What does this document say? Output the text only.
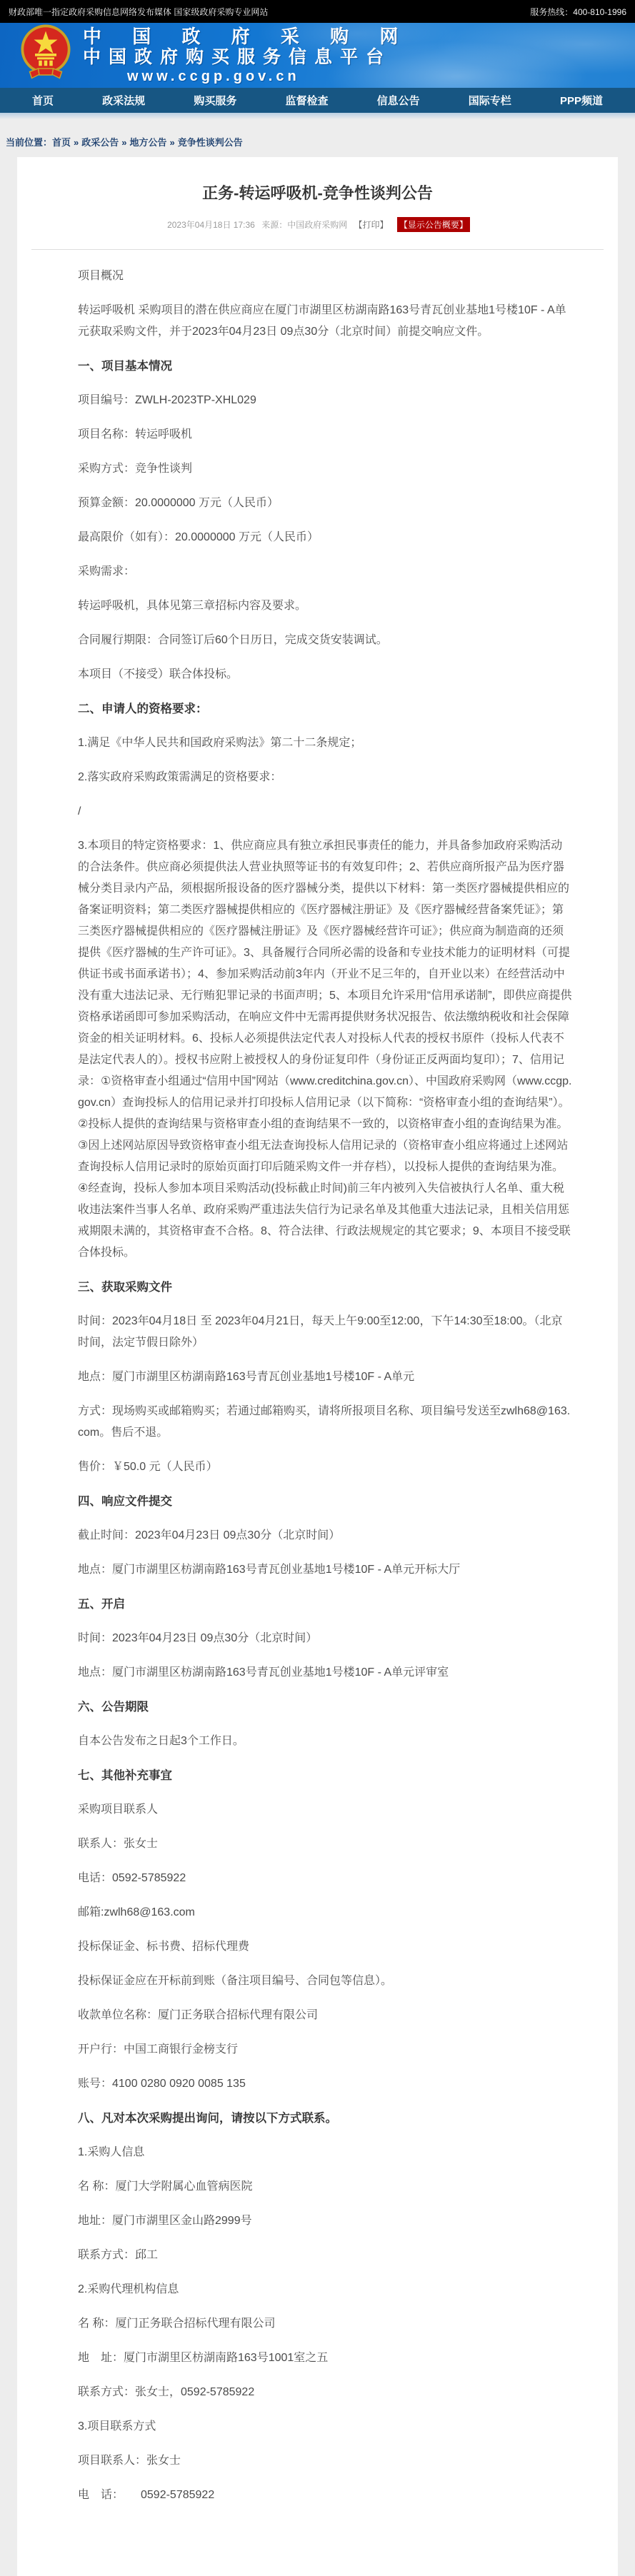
财政部唯一指定政府采购信息网络发布媒体 国家级政府采购专业网站	服务热线：400-810-1996
中 国 政 府 采 购 网
中国政府购买服务信息平台
www.ccgp.gov.cn
首页	政采法规	购买服务	监督检查	信息公告	国际专栏	PPP频道
当前位置：首页 » 政采公告 » 地方公告 » 竞争性谈判公告
正务-转运呼吸机-竞争性谈判公告
2023年04月18日 17:36 来源：中国政府采购网 【打印】 【显示公告概要】

项目概况

转运呼吸机 采购项目的潜在供应商应在厦门市湖里区枋湖南路163号青瓦创业基地1号楼10F - A单元获取采购文件，并于2023年04月23日 09点30分（北京时间）前提交响应文件。

一、项目基本情况

项目编号：ZWLH-2023TP-XHL029

项目名称：转运呼吸机

采购方式：竞争性谈判

预算金额：20.0000000 万元（人民币）

最高限价（如有）：20.0000000 万元（人民币）

采购需求：

转运呼吸机，具体见第三章招标内容及要求。

合同履行期限：合同签订后60个日历日，完成交货安装调试。

本项目（不接受）联合体投标。

二、申请人的资格要求：

1.满足《中华人民共和国政府采购法》第二十二条规定；

2.落实政府采购政策需满足的资格要求：

/

3.本项目的特定资格要求：1、供应商应具有独立承担民事责任的能力，并具备参加政府采购活动的合法条件。供应商必须提供法人营业执照等证书的有效复印件；2、若供应商所报产品为医疗器械分类目录内产品，须根据所报设备的医疗器械分类，提供以下材料：第一类医疗器械提供相应的备案证明资料；第二类医疗器械提供相应的《医疗器械注册证》及《医疗器械经营备案凭证》；第三类医疗器械提供相应的《医疗器械注册证》及《医疗器械经营许可证》；供应商为制造商的还须提供《医疗器械的生产许可证》。3、具备履行合同所必需的设备和专业技术能力的证明材料（可提供证书或书面承诺书）；4、参加采购活动前3年内（开业不足三年的，自开业以来）在经营活动中没有重大违法记录、无行贿犯罪记录的书面声明；5、本项目允许采用“信用承诺制”，即供应商提供资格承诺函即可参加采购活动，在响应文件中无需再提供财务状况报告、依法缴纳税收和社会保障资金的相关证明材料。6、投标人必须提供法定代表人对投标人代表的授权书原件（投标人代表不是法定代表人的）。授权书应附上被授权人的身份证复印件（身份证正反两面均复印）；7、信用记录：①资格审查小组通过“信用中国”网站（www.creditchina.gov.cn）、中国政府采购网（www.ccgp.gov.cn）查询投标人的信用记录并打印投标人信用记录（以下简称：“资格审查小组的查询结果”）。②投标人提供的查询结果与资格审查小组的查询结果不一致的，以资格审查小组的查询结果为准。③因上述网站原因导致资格审查小组无法查询投标人信用记录的（资格审查小组应将通过上述网站查询投标人信用记录时的原始页面打印后随采购文件一并存档），以投标人提供的查询结果为准。④经查询，投标人参加本项目采购活动(投标截止时间)前三年内被列入失信被执行人名单、重大税收违法案件当事人名单、政府采购严重违法失信行为记录名单及其他重大违法记录，且相关信用惩戒期限未满的，其资格审查不合格。8、符合法律、行政法规规定的其它要求；9、本项目不接受联合体投标。

三、获取采购文件

时间：2023年04月18日 至 2023年04月21日，每天上午9:00至12:00，下午14:30至18:00。（北京时间，法定节假日除外）

地点：厦门市湖里区枋湖南路163号青瓦创业基地1号楼10F - A单元

方式：现场购买或邮箱购买；若通过邮箱购买，请将所报项目名称、项目编号发送至zwlh68@163.com。售后不退。

售价：￥50.0 元（人民币）

四、响应文件提交

截止时间：2023年04月23日 09点30分（北京时间）

地点：厦门市湖里区枋湖南路163号青瓦创业基地1号楼10F - A单元开标大厅

五、开启

时间：2023年04月23日 09点30分（北京时间）

地点：厦门市湖里区枋湖南路163号青瓦创业基地1号楼10F - A单元评审室

六、公告期限

自本公告发布之日起3个工作日。

七、其他补充事宜

采购项目联系人

联系人：张女士

电话：0592-5785922

邮箱:zwlh68@163.com

投标保证金、标书费、招标代理费

投标保证金应在开标前到账（备注项目编号、合同包等信息）。

收款单位名称：厦门正务联合招标代理有限公司

开户行：中国工商银行金榜支行

账号：4100 0280 0920 0085 135

八、凡对本次采购提出询问，请按以下方式联系。

1.采购人信息

名 称：厦门大学附属心血管病医院

地址：厦门市湖里区金山路2999号

联系方式：邱工

2.采购代理机构信息

名 称：厦门正务联合招标代理有限公司

地　址：厦门市湖里区枋湖南路163号1001室之五

联系方式：张女士，0592-5785922

3.项目联系方式

项目联系人：张女士

电　话：　　0592-5785922
